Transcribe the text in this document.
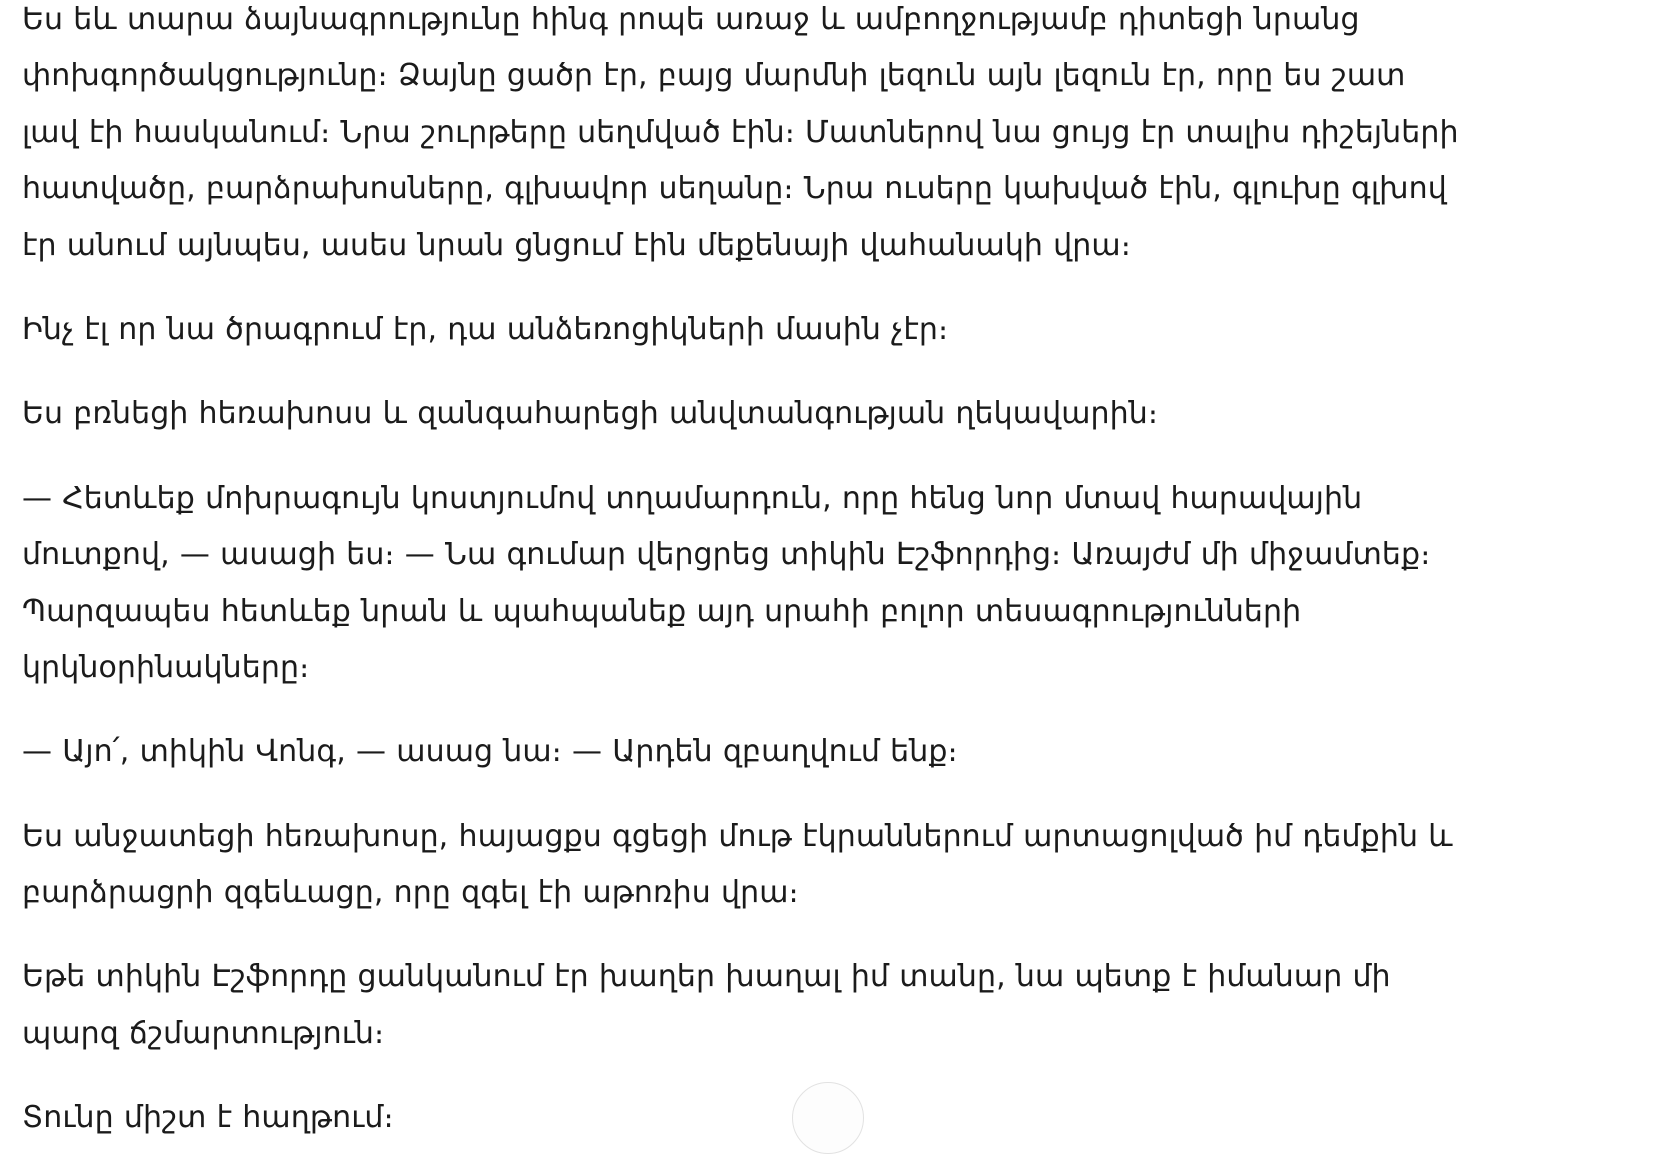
Ես եև տարա ձայնագրությունը հինգ րոպե առաջ և ամբողջությամբ դիտեցի նրանց փոխգործակցությունը։ Ձայնը ցածր էր, բայց մարմնի լեզուն այն լեզուն էր, որը ես շատ լավ էի հասկանում։ Նրա շուրթերը սեղմված էին։ Մատներով նա ցույց էր տալիս դիշեյների հատվածը, բարձրախոսները, գլխավոր սեղանը։ Նրա ուսերը կախված էին, գլուխը գլխով էր անում այնպես, ասես նրան ցնցում էին մեքենայի վահանակի վրա։

Ինչ էլ որ նա ծրագրում էր, դա անձեռոցիկների մասին չէր։

Ես բռնեցի հեռախոսս և զանգահարեցի անվտանգության ղեկավարին։

— Հետևեք մոխրագույն կոստյումով տղամարդուն, որը հենց նոր մտավ հարավային մուտքով, — ասացի ես։ — Նա գումար վերցրեց տիկին Էշֆորդից։ Առայժմ մի միջամտեք։ Պարզապես հետևեք նրան և պահպանեք այդ սրահի բոլոր տեսագրությունների կրկնօրինակները։

— Այո՛, տիկին Վոնգ, — ասաց նա։ — Արդեն զբաղվում ենք։

Ես անջատեցի հեռախոսը, հայացքս գցեցի մութ էկրաններում արտացոլված իմ դեմքին և բարձրացրի զգեևացը, որը զգել էի աթոռիս վրա։

Եթե տիկին Էշֆորդը ցանկանում էր խաղեր խաղալ իմ տանը, նա պետք է իմանար մի պարզ ճշմարտություն։

Տունը միշտ է հաղթում։
